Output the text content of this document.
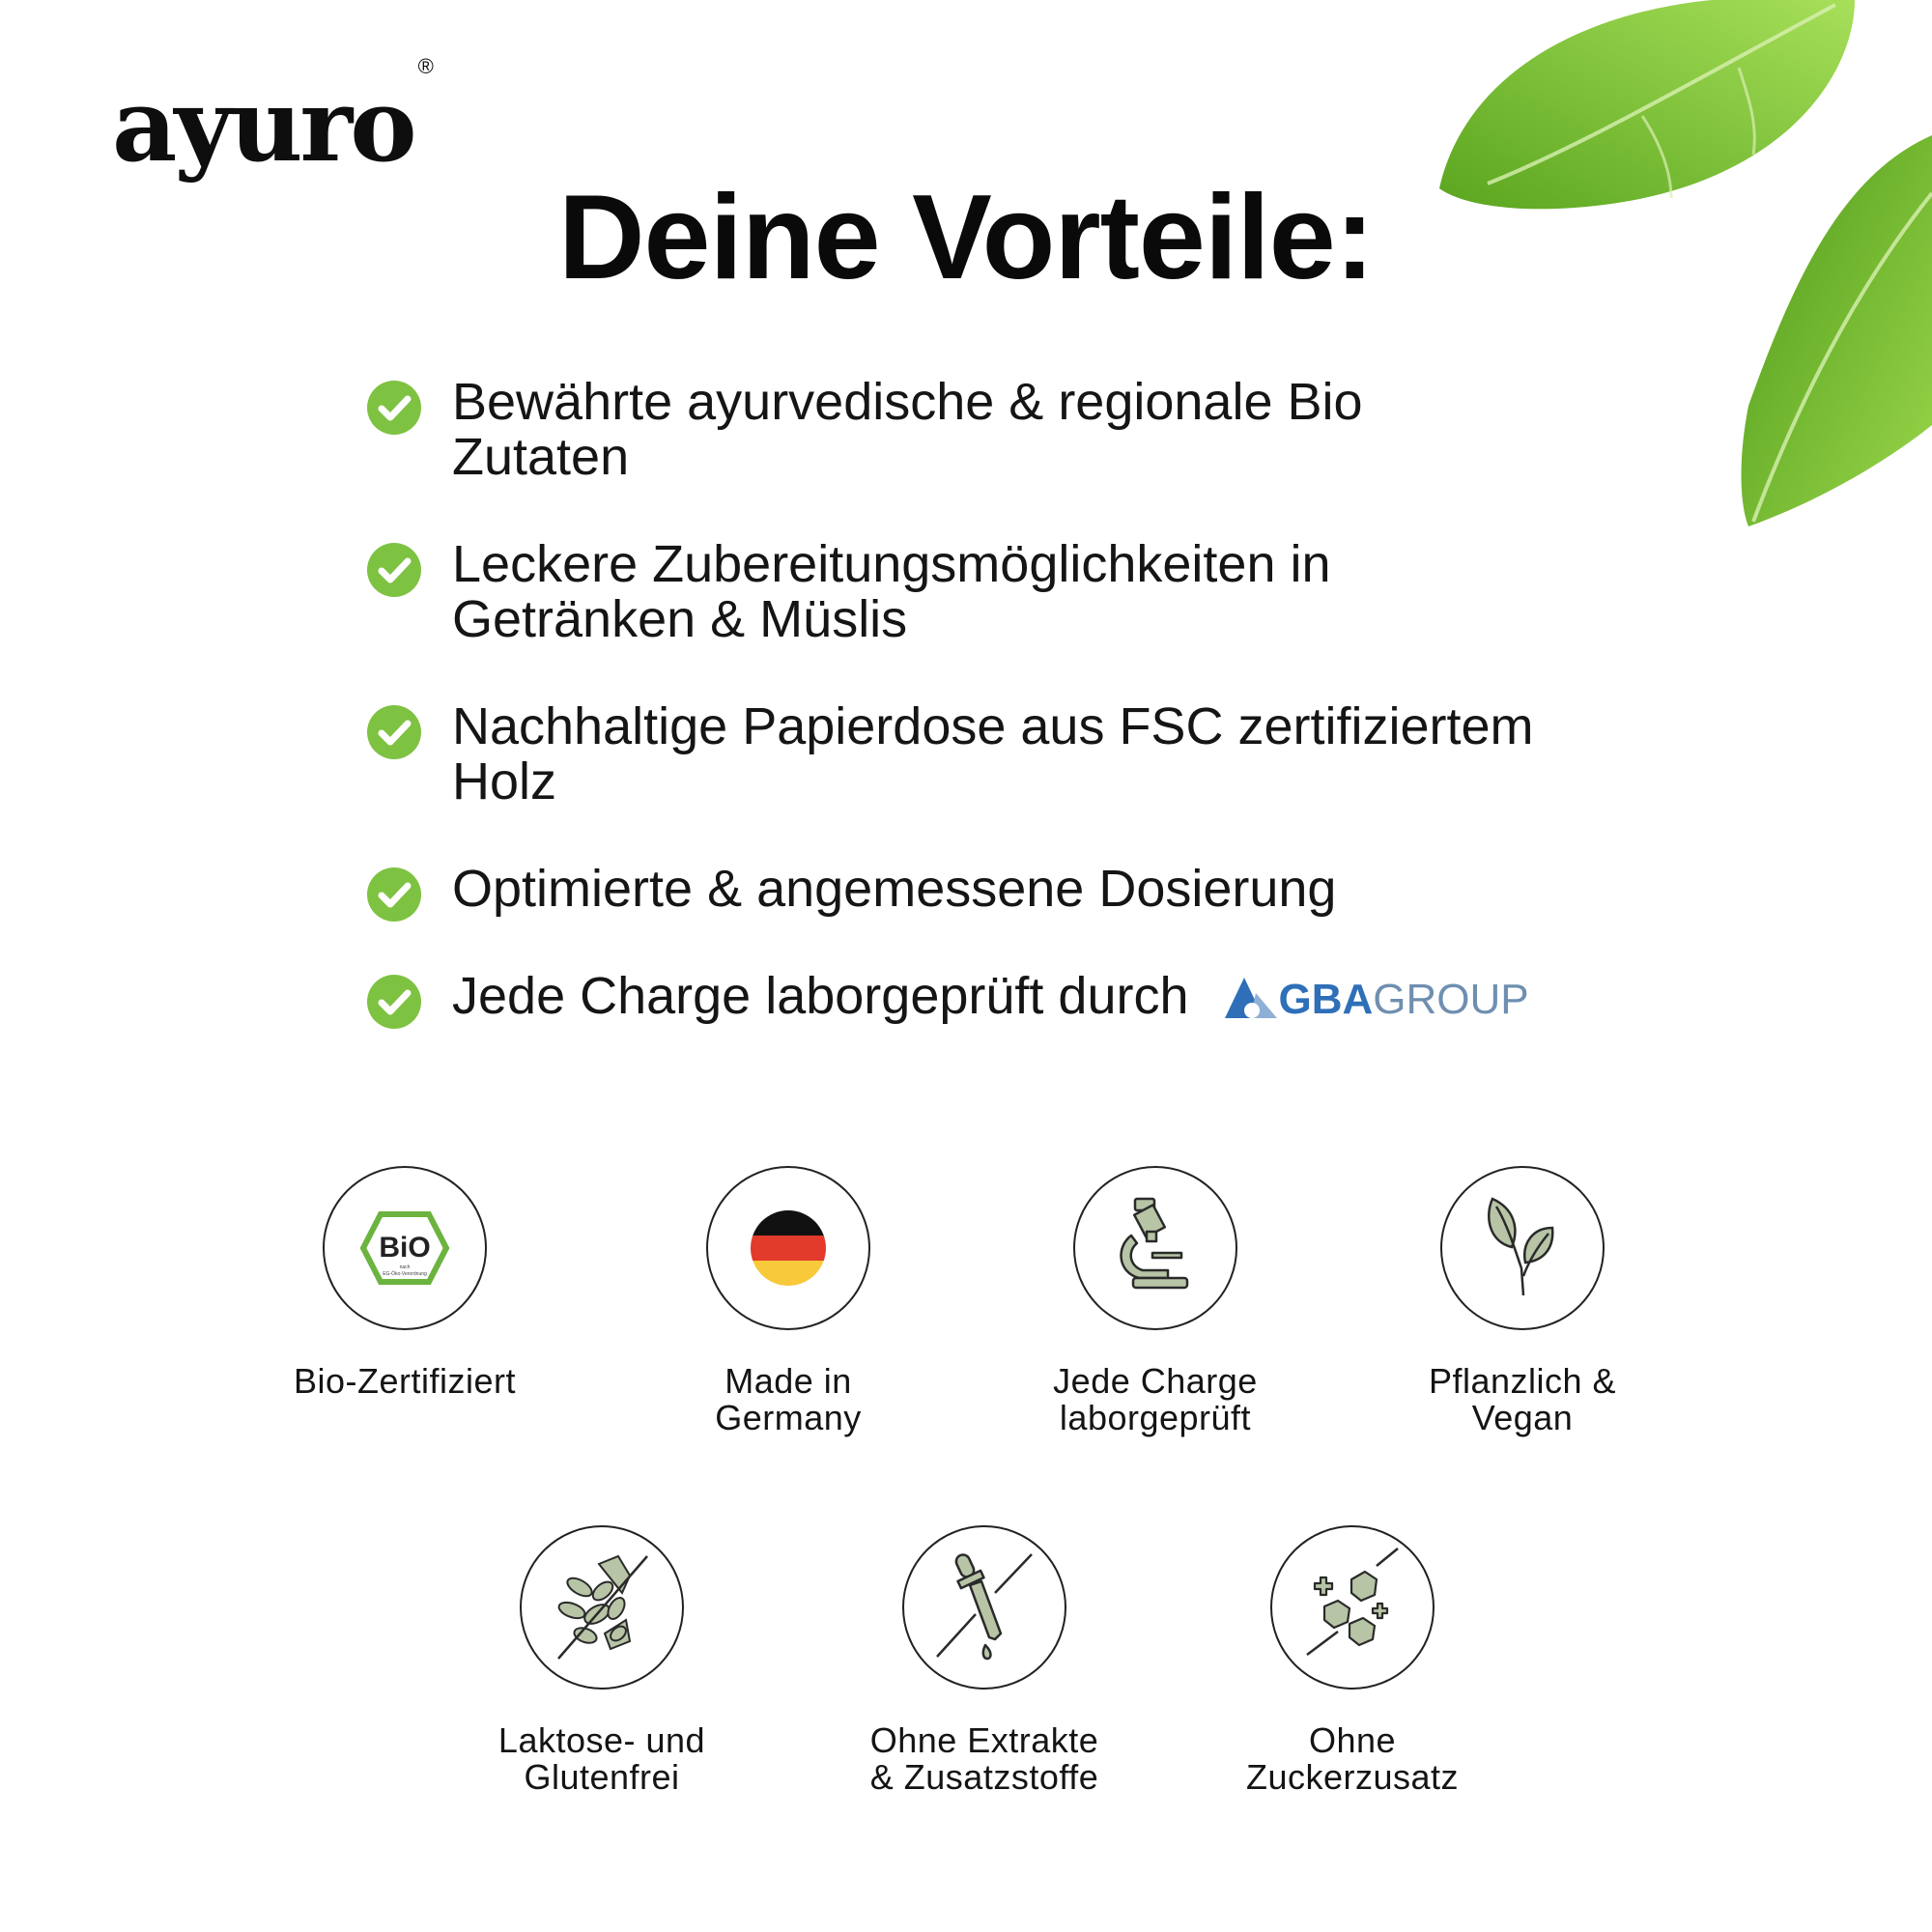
ayuro ®
Deine Vorteile:
Bewährte ayurvedische & regionale Bio
Zutaten
Leckere Zubereitungsmöglichkeiten in
Getränken & Müslis
Nachhaltige Papierdose aus FSC zertifiziertem
Holz
Optimierte & angemessene Dosierung
Jede Charge laborgeprüft durch GBAGROUP
BiO
nach
EG-Öko-Verordnung
Bio-Zertifiziert	Made in
Germany
Jede Charge
laborgeprüft
Pflanzlich &
Vegan
Laktose- und
Glutenfrei
Ohne Extrakte
& Zusatzstoffe
Ohne
Zuckerzusatz
